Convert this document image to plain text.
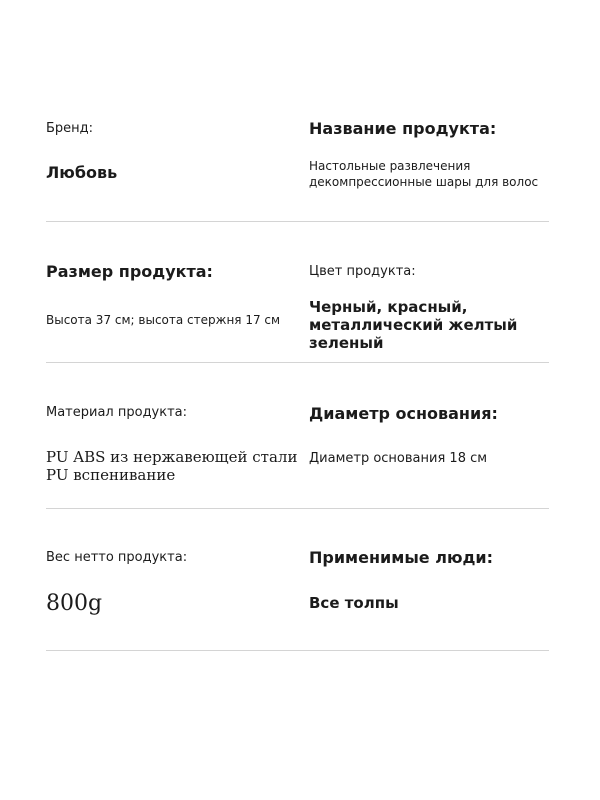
Бренд:
Любовь
Название продукта:
Настольные развлечения
декомпрессионные шары для волос
Размер продукта:
Высота 37 см; высота стержня 17 см
Цвет продукта:
Черный, красный,
металлический желтый зеленый
Материал продукта:
PU ABS из нержавеющей стали
PU вспенивание
Диаметр основания:
Диаметр основания 18 см
Вес нетто продукта:
800g
Применимые люди:
Все толпы
